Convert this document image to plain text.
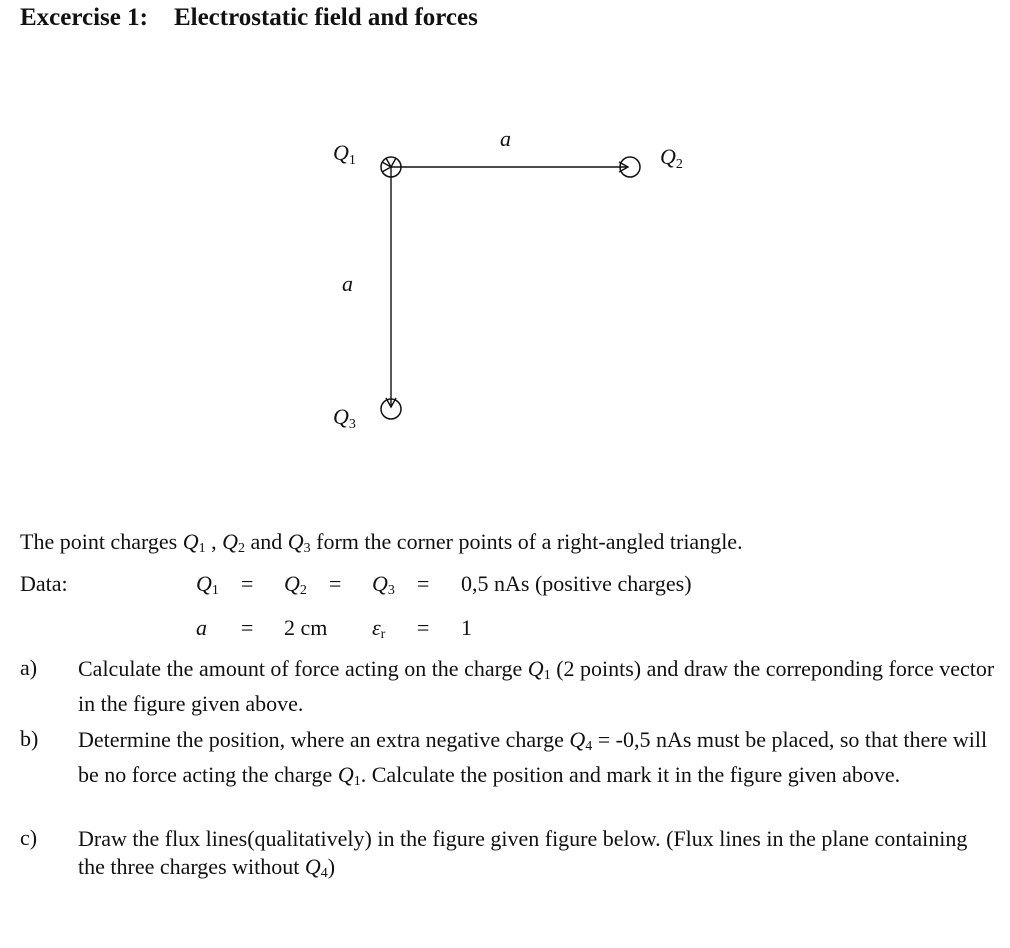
Excercise 1: Electrostatic field and forces
a
a
Q1	Q2
Q3
The point charges $Q_1$ , $Q_2$ and $Q_3$ form the corner points of a right-angled triangle.
Data:	$Q_1 = Q_2 = Q_3 = 0,5$ nAs (positive charges)
a = 2 cm $\varepsilon_r = 1$
a) Calculate the amount of force acting on the charge $Q_1$ (2 points) and draw the correponding force vector in the figure given above.
b) Determine the position, where an extra negative charge $Q_4 = -0,5$ nAs must be placed, so that there will be no force acting the charge $Q_1$. Calculate the position and mark it in the figure given above.
c) Draw the flux lines(qualitatively) in the figure given figure below. (Flux lines in the plane containing the three charges without $Q_4$)
